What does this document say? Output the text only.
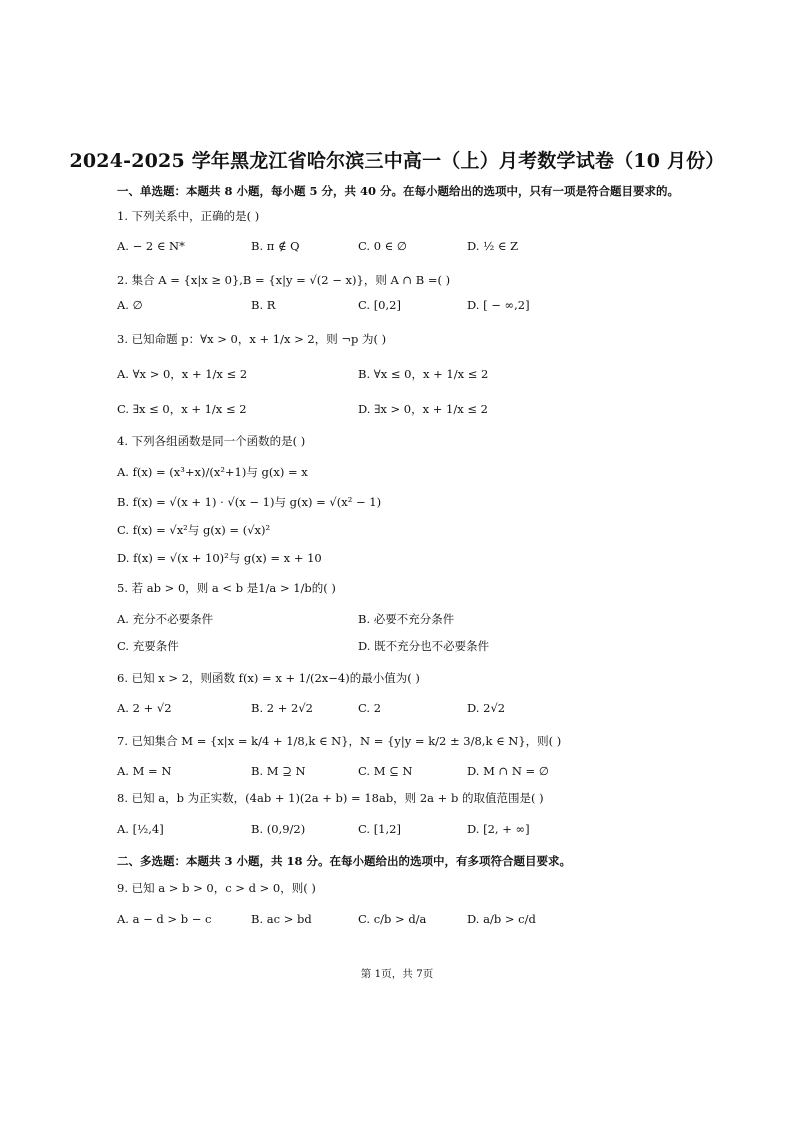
2024-2025 学年黑龙江省哈尔滨三中高一（上）月考数学试卷（10 月份）
一、单选题：本题共 8 小题，每小题 5 分，共 40 分。在每小题给出的选项中，只有一项是符合题目要求的。
1. 下列关系中，正确的是( )
A. − 2 ∈ N*	B. π ∉ Q	C. 0 ∈ ∅	D. ½ ∈ Z
2. 集合 A = {x|x ≥ 0},B = {x|y = √(2 − x)}，则 A ∩ B =( )
A. ∅	B. R	C. [0,2]	D. [ − ∞,2]
3. 已知命题 p：∀x > 0，x + 1/x > 2，则 ¬p 为( )
A. ∀x > 0，x + 1/x ≤ 2	B. ∀x ≤ 0，x + 1/x ≤ 2
C. ∃x ≤ 0，x + 1/x ≤ 2	D. ∃x > 0，x + 1/x ≤ 2
4. 下列各组函数是同一个函数的是( )
A. f(x) = (x³+x)/(x²+1)与 g(x) = x
B. f(x) = √(x + 1) · √(x − 1)与 g(x) = √(x² − 1)
C. f(x) = √x²与 g(x) = (√x)²
D. f(x) = √(x + 10)²与 g(x) = x + 10
5. 若 ab > 0，则 a < b 是1/a > 1/b的( )
A. 充分不必要条件	B. 必要不充分条件
C. 充要条件	D. 既不充分也不必要条件
6. 已知 x > 2，则函数 f(x) = x + 1/(2x−4)的最小值为( )
A. 2 + √2	B. 2 + 2√2	C. 2	D. 2√2
7. 已知集合 M = {x|x = k/4 + 1/8,k ∈ N}，N = {y|y = k/2 ± 3/8,k ∈ N}，则( )
A. M = N	B. M ⊇ N	C. M ⊆ N	D. M ∩ N = ∅
8. 已知 a，b 为正实数，(4ab + 1)(2a + b) = 18ab，则 2a + b 的取值范围是( )
A. [½,4]	B. (0,9/2)	C. [1,2]	D. [2, + ∞]
二、多选题：本题共 3 小题，共 18 分。在每小题给出的选项中，有多项符合题目要求。
9. 已知 a > b > 0，c > d > 0，则( )
A. a − d > b − c	B. ac > bd	C. c/b > d/a	D. a/b > c/d
第 1页，共 7页
